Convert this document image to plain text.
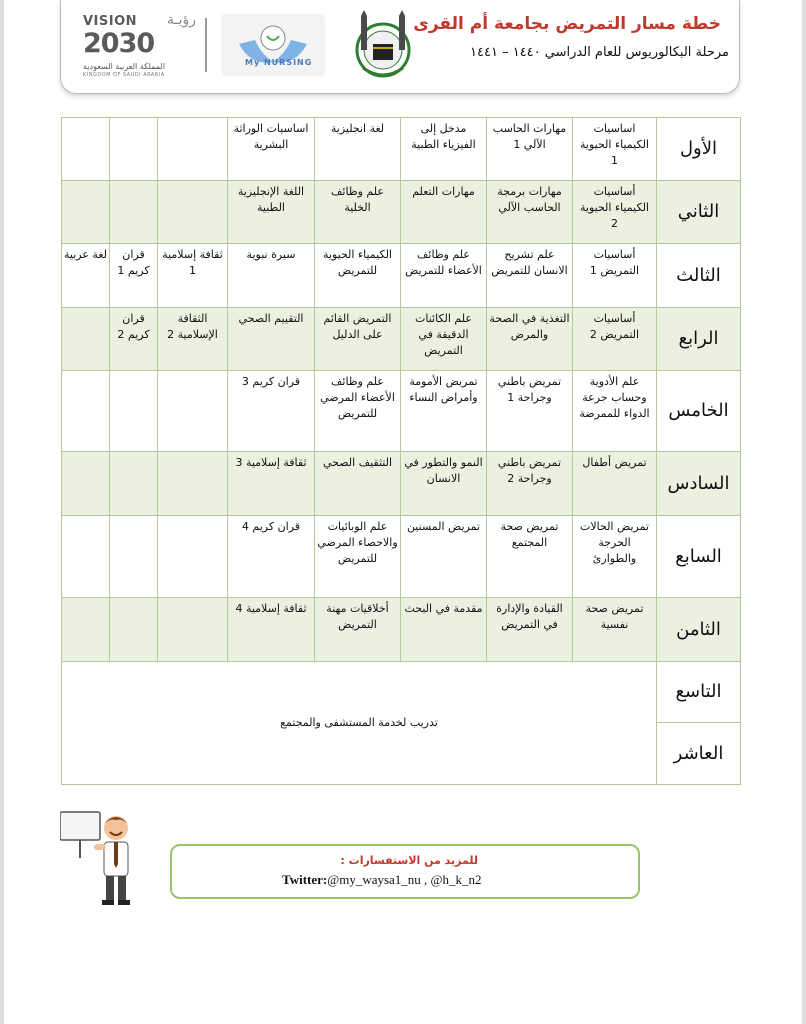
خطة مسار التمريض بجامعة أم القرى
مرحلة البكالوريوس للعام الدراسي ١٤٤٠ – ١٤٤١
My NURSING
VISION رؤيـة
2030
المملكة العربية السعودية
KINGDOM OF SAUDI ARABIA
			اساسيات الوراثة البشرية	لغة انجليزية	مدخل إلى الفيزياء الطبية	مهارات الحاسب الآلي 1	اساسيات الكيمياء الحيوية 1	الأول
			اللغة الإنجليزية الطبية	علم وظائف الخلية	مهارات التعلم	مهارات برمجة الحاسب الآلي	أساسيات الكيمياء الحيوية 2	الثاني
لغة عربية	قران كريم 1	ثقافة إسلامية 1	سيرة نبوية	الكيمياء الحيوية للتمريض	علم وظائف الأعضاء للتمريض	علم تشريح الانسان للتمريض	أساسيات التمريض 1	الثالث
	قران كريم 2	الثقافة الإسلامية 2	التقييم الصحي	التمريض القائم على الدليل	علم الكائنات الدقيقة في التمريض	التغذية في الصحة والمرض	أساسيات التمريض 2	الرابع
			قران كريم 3	علم وظائف الأعضاء المرضي للتمريض	تمريض الأمومة وأمراض النساء	تمريض باطني وجراحة 1	علم الأدوية وحساب جرعة الدواء للممرضة	الخامس
			ثقافة إسلامية 3	التثقيف الصحي	النمو والتطور في الانسان	تمريض باطني وجراحة 2	تمريض أطفال	السادس
			قران كريم 4	علم الوبائيات والاحصاء المرضي للتمريض	تمريض المسنين	تمريض صحة المجتمع	تمريض الحالات الحرجة والطوارئ	السابع
			ثقافة إسلامية 4	أخلاقيات مهنة التمريض	مقدمة في البحث	القيادة والإدارة في التمريض	تمريض صحة نفسية	الثامن
تدريب لخدمة المستشفى والمجتمع								التاسع
								العاشر
للمزيد من الاستفسارات :
Twitter:@my_waysa1_nu , @h_k_n2
